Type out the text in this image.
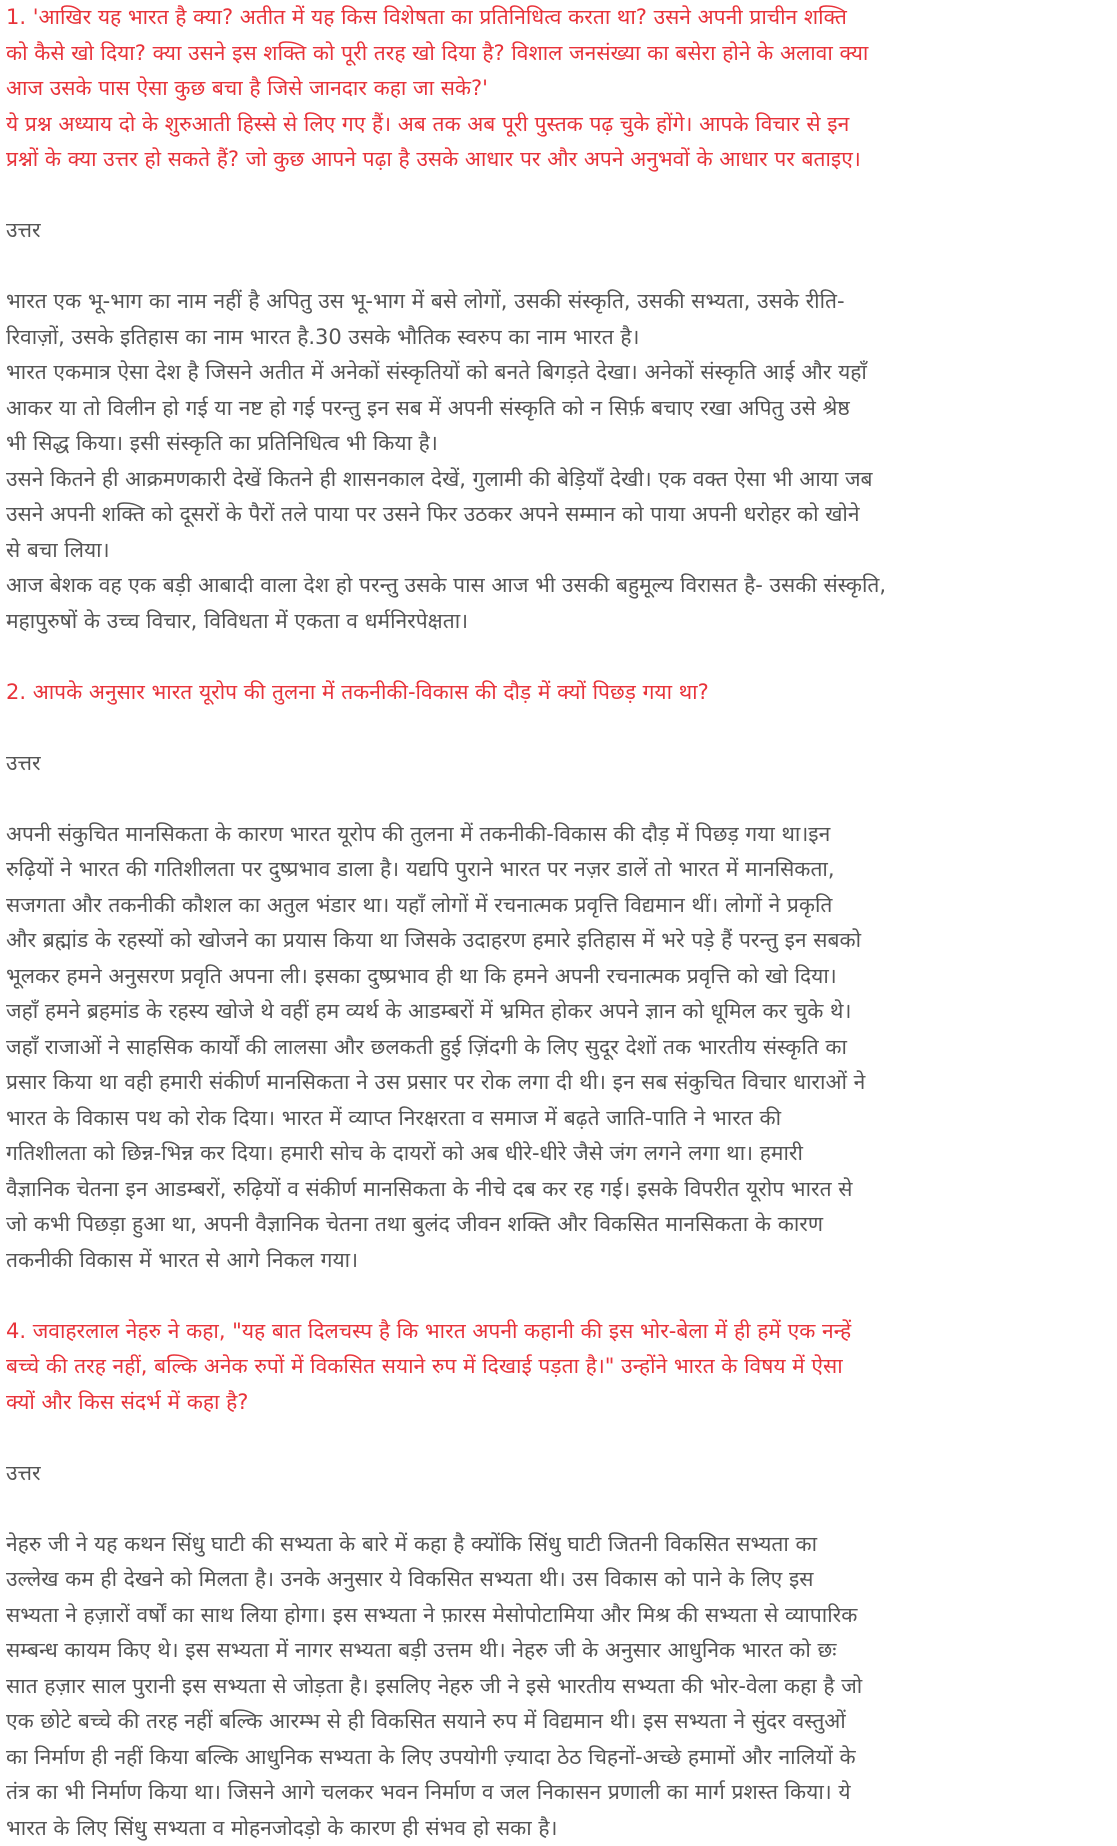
1. 'आखिर यह भारत है क्या? अतीत में यह किस विशेषता का प्रतिनिधित्व करता था? उसने अपनी प्राचीन शक्ति

को कैसे खो दिया? क्या उसने इस शक्ति को पूरी तरह खो दिया है? विशाल जनसंख्या का बसेरा होने के अलावा क्या

आज उसके पास ऐसा कुछ बचा है जिसे जानदार कहा जा सके?'

ये प्रश्न अध्याय दो के शुरुआती हिस्से से लिए गए हैं। अब तक अब पूरी पुस्तक पढ़ चुके होंगे। आपके विचार से इन

प्रश्नों के क्या उत्तर हो सकते हैं? जो कुछ आपने पढ़ा है उसके आधार पर और अपने अनुभवों के आधार पर बताइए।

उत्तर

भारत एक भू-भाग का नाम नहीं है अपितु उस भू-भाग में बसे लोगों, उसकी संस्कृति, उसकी सभ्यता, उसके रीति-

रिवाज़ों, उसके इतिहास का नाम भारत है.30 उसके भौतिक स्वरुप का नाम भारत है।

भारत एकमात्र ऐसा देश है जिसने अतीत में अनेकों संस्कृतियों को बनते बिगड़ते देखा। अनेकों संस्कृति आई और यहाँ

आकर या तो विलीन हो गई या नष्ट हो गई परन्तु इन सब में अपनी संस्कृति को न सिर्फ़ बचाए रखा अपितु उसे श्रेष्ठ

भी सिद्ध किया। इसी संस्कृति का प्रतिनिधित्व भी किया है।

उसने कितने ही आक्रमणकारी देखें कितने ही शासनकाल देखें, गुलामी की बेड़ियाँ देखी। एक वक्त ऐसा भी आया जब

उसने अपनी शक्ति को दूसरों के पैरों तले पाया पर उसने फिर उठकर अपने सम्मान को पाया अपनी धरोहर को खोने

से बचा लिया।

आज बेशक वह एक बड़ी आबादी वाला देश हो परन्तु उसके पास आज भी उसकी बहुमूल्य विरासत है- उसकी संस्कृति,

महापुरुषों के उच्च विचार, विविधता में एकता व धर्मनिरपेक्षता।

2. आपके अनुसार भारत यूरोप की तुलना में तकनीकी-विकास की दौड़ में क्यों पिछड़ गया था?

उत्तर

अपनी संकुचित मानसिकता के कारण भारत यूरोप की तुलना में तकनीकी-विकास की दौड़ में पिछड़ गया था।इन

रुढ़ियों ने भारत की गतिशीलता पर दुष्प्रभाव डाला है। यद्यपि पुराने भारत पर नज़र डालें तो भारत में मानसिकता,

सजगता और तकनीकी कौशल का अतुल भंडार था। यहाँ लोगों में रचनात्मक प्रवृत्ति विद्यमान थीं। लोगों ने प्रकृति

और ब्रह्मांड के रहस्यों को खोजने का प्रयास किया था जिसके उदाहरण हमारे इतिहास में भरे पड़े हैं परन्तु इन सबको

भूलकर हमने अनुसरण प्रवृति अपना ली। इसका दुष्प्रभाव ही था कि हमने अपनी रचनात्मक प्रवृत्ति को खो दिया।

जहाँ हमने ब्रहमांड के रहस्य खोजे थे वहीं हम व्यर्थ के आडम्बरों में भ्रमित होकर अपने ज्ञान को धूमिल कर चुके थे।

जहाँ राजाओं ने साहसिक कार्यों की लालसा और छलकती हुई ज़िंदगी के लिए सुदूर देशों तक भारतीय संस्कृति का

प्रसार किया था वही हमारी संकीर्ण मानसिकता ने उस प्रसार पर रोक लगा दी थी। इन सब संकुचित विचार धाराओं ने

भारत के विकास पथ को रोक दिया। भारत में व्याप्त निरक्षरता व समाज में बढ़ते जाति-पाति ने भारत की

गतिशीलता को छिन्न-भिन्न कर दिया। हमारी सोच के दायरों को अब धीरे-धीरे जैसे जंग लगने लगा था। हमारी

वैज्ञानिक चेतना इन आडम्बरों, रुढ़ियों व संकीर्ण मानसिकता के नीचे दब कर रह गई। इसके विपरीत यूरोप भारत से

जो कभी पिछड़ा हुआ था, अपनी वैज्ञानिक चेतना तथा बुलंद जीवन शक्ति और विकसित मानसिकता के कारण

तकनीकी विकास में भारत से आगे निकल गया।

4. जवाहरलाल नेहरु ने कहा, "यह बात दिलचस्प है कि भारत अपनी कहानी की इस भोर-बेला में ही हमें एक नन्हें

बच्चे की तरह नहीं, बल्कि अनेक रुपों में विकसित सयाने रुप में दिखाई पड़ता है।" उन्होंने भारत के विषय में ऐसा

क्यों और किस संदर्भ में कहा है?

उत्तर

नेहरु जी ने यह कथन सिंधु घाटी की सभ्यता के बारे में कहा है क्योंकि सिंधु घाटी जितनी विकसित सभ्यता का

उल्लेख कम ही देखने को मिलता है। उनके अनुसार ये विकसित सभ्यता थी। उस विकास को पाने के लिए इस

सभ्यता ने हज़ारों वर्षों का साथ लिया होगा। इस सभ्यता ने फ़ारस मेसोपोटामिया और मिश्र की सभ्यता से व्यापारिक

सम्बन्ध कायम किए थे। इस सभ्यता में नागर सभ्यता बड़ी उत्तम थी। नेहरु जी के अनुसार आधुनिक भारत को छः

सात हज़ार साल पुरानी इस सभ्यता से जोड़ता है। इसलिए नेहरु जी ने इसे भारतीय सभ्यता की भोर-वेला कहा है जो

एक छोटे बच्चे की तरह नहीं बल्कि आरम्भ से ही विकसित सयाने रुप में विद्यमान थी। इस सभ्यता ने सुंदर वस्तुओं

का निर्माण ही नहीं किया बल्कि आधुनिक सभ्यता के लिए उपयोगी ज़्यादा ठेठ चिहनों-अच्छे हमामों और नालियों के

तंत्र का भी निर्माण किया था। जिसने आगे चलकर भवन निर्माण व जल निकासन प्रणाली का मार्ग प्रशस्त किया। ये

भारत के लिए सिंधु सभ्यता व मोहनजोदड़ो के कारण ही संभव हो सका है।
